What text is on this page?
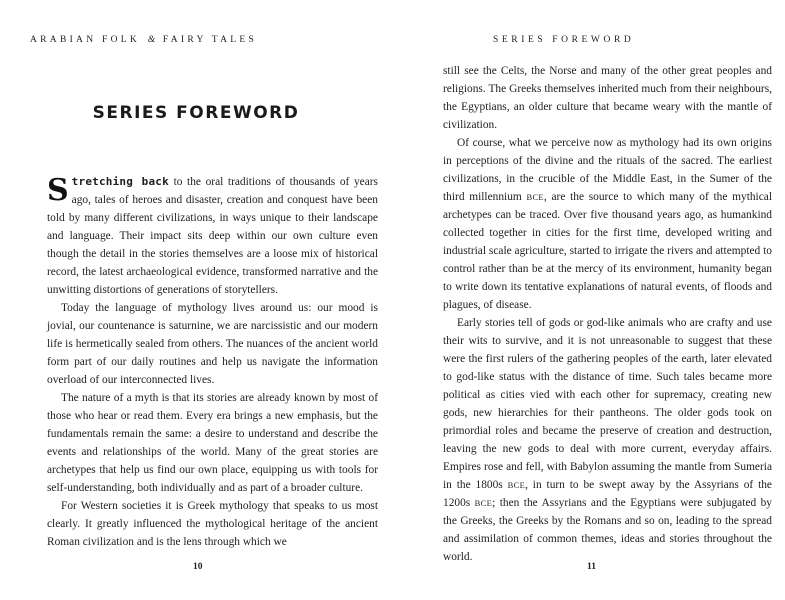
ARABIAN FOLK & FAIRY TALES
SERIES FOREWORD

Stretching back to the oral traditions of thousands of years ago, tales of heroes and disaster, creation and conquest have been told by many different civilizations, in ways unique to their landscape and language. Their impact sits deep within our own culture even though the detail in the stories themselves are a loose mix of historical record, the latest archaeological evidence, transformed narrative and the unwitting distortions of generations of storytellers.

Today the language of mythology lives around us: our mood is jovial, our countenance is saturnine, we are narcissistic and our modern life is hermetically sealed from others. The nuances of the ancient world form part of our daily routines and help us navigate the information overload of our interconnected lives.

The nature of a myth is that its stories are already known by most of those who hear or read them. Every era brings a new emphasis, but the fundamentals remain the same: a desire to understand and describe the events and relationships of the world. Many of the great stories are archetypes that help us find our own place, equipping us with tools for self-understanding, both individually and as part of a broader culture.

For Western societies it is Greek mythology that speaks to us most clearly. It greatly influenced the mythological heritage of the ancient Roman civilization and is the lens through which we

10
SERIES FOREWORD

still see the Celts, the Norse and many of the other great peoples and religions. The Greeks themselves inherited much from their neighbours, the Egyptians, an older culture that became weary with the mantle of civilization.

Of course, what we perceive now as mythology had its own origins in perceptions of the divine and the rituals of the sacred. The earliest civilizations, in the crucible of the Middle East, in the Sumer of the third millennium BCE, are the source to which many of the mythical archetypes can be traced. Over five thousand years ago, as humankind collected together in cities for the first time, developed writing and industrial scale agriculture, started to irrigate the rivers and attempted to control rather than be at the mercy of its environment, humanity began to write down its tentative explanations of natural events, of floods and plagues, of disease.

Early stories tell of gods or god-like animals who are crafty and use their wits to survive, and it is not unreasonable to suggest that these were the first rulers of the gathering peoples of the earth, later elevated to god-like status with the distance of time. Such tales became more political as cities vied with each other for supremacy, creating new gods, new hierarchies for their pantheons. The older gods took on primordial roles and became the preserve of creation and destruction, leaving the new gods to deal with more current, everyday affairs. Empires rose and fell, with Babylon assuming the mantle from Sumeria in the 1800s BCE, in turn to be swept away by the Assyrians of the 1200s BCE; then the Assyrians and the Egyptians were subjugated by the Greeks, the Greeks by the Romans and so on, leading to the spread and assimilation of common themes, ideas and stories throughout the world.

11
